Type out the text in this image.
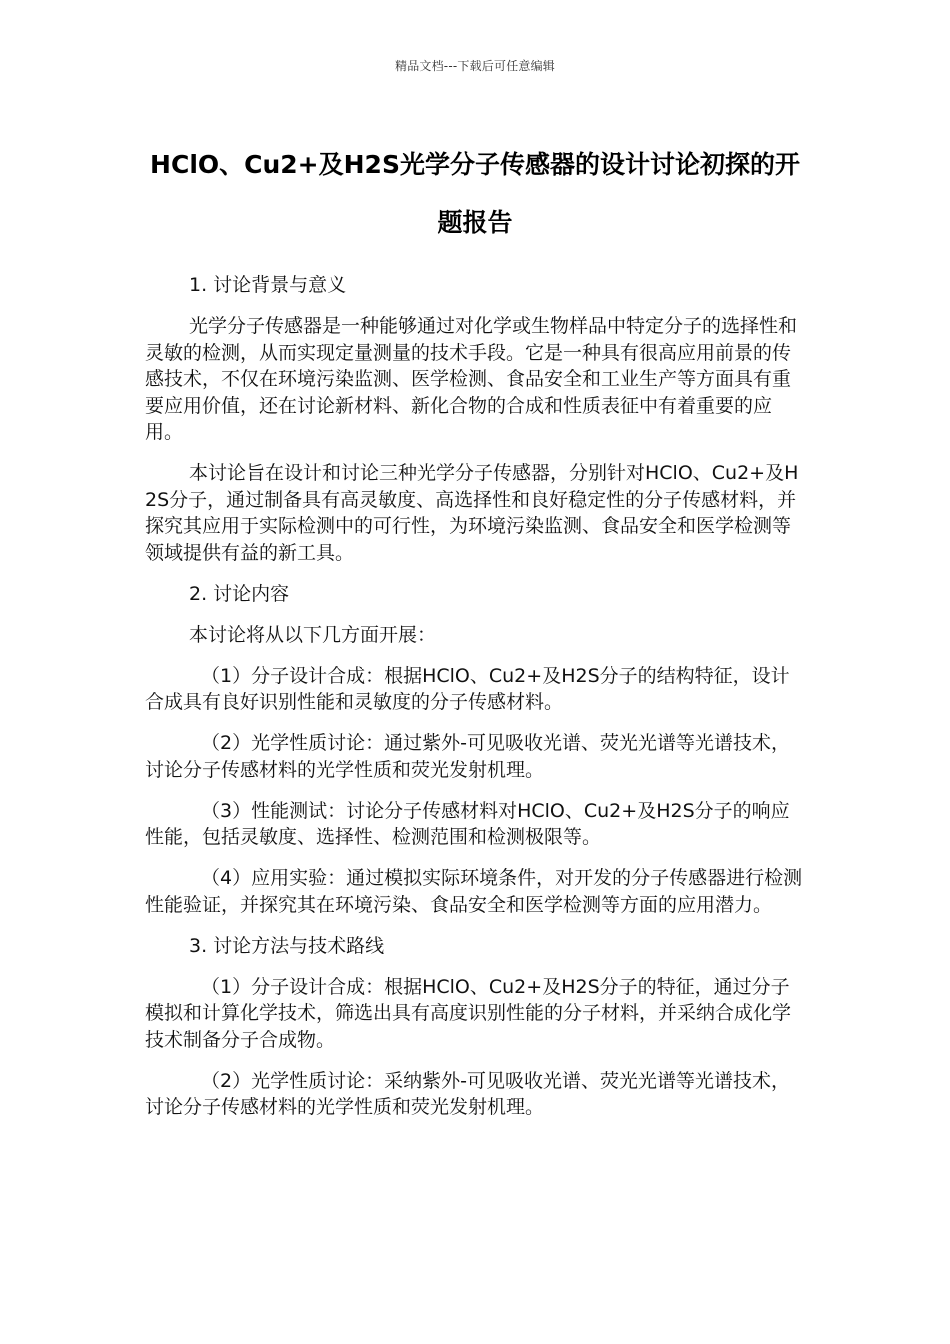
精品文档---下载后可任意编辑
HClO、Cu2+及H2S光学分子传感器的设计讨论初探的开题报告

1. 讨论背景与意义

光学分子传感器是一种能够通过对化学或生物样品中特定分子的选择性和灵敏的检测，从而实现定量测量的技术手段。它是一种具有很高应用前景的传感技术，不仅在环境污染监测、医学检测、食品安全和工业生产等方面具有重要应用价值，还在讨论新材料、新化合物的合成和性质表征中有着重要的应用。

本讨论旨在设计和讨论三种光学分子传感器，分别针对HClO、Cu2+及H2S分子，通过制备具有高灵敏度、高选择性和良好稳定性的分子传感材料，并探究其应用于实际检测中的可行性，为环境污染监测、食品安全和医学检测等领域提供有益的新工具。

2. 讨论内容

本讨论将从以下几方面开展：

（1）分子设计合成：根据HClO、Cu2+及H2S分子的结构特征，设计合成具有良好识别性能和灵敏度的分子传感材料。

（2）光学性质讨论：通过紫外-可见吸收光谱、荧光光谱等光谱技术，讨论分子传感材料的光学性质和荧光发射机理。

（3）性能测试：讨论分子传感材料对HClO、Cu2+及H2S分子的响应性能，包括灵敏度、选择性、检测范围和检测极限等。

（4）应用实验：通过模拟实际环境条件，对开发的分子传感器进行检测性能验证，并探究其在环境污染、食品安全和医学检测等方面的应用潜力。

3. 讨论方法与技术路线

（1）分子设计合成：根据HClO、Cu2+及H2S分子的特征，通过分子模拟和计算化学技术，筛选出具有高度识别性能的分子材料，并采纳合成化学技术制备分子合成物。

（2）光学性质讨论：采纳紫外-可见吸收光谱、荧光光谱等光谱技术，讨论分子传感材料的光学性质和荧光发射机理。
